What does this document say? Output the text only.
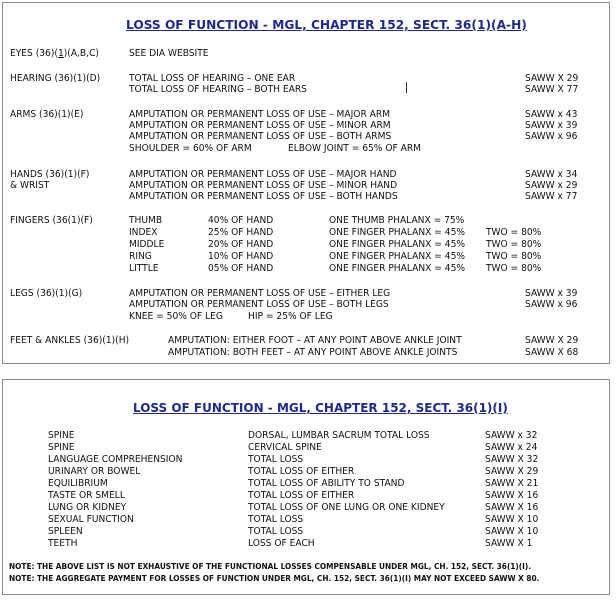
LOSS OF FUNCTION - MGL, CHAPTER 152, SECT. 36(1)(A-H)
EYES (36)(1)(A,B,C)	SEE DIA WEBSITE
HEARING (36)(1)(D)	TOTAL LOSS OF HEARING – ONE EAR	SAWW X 29
TOTAL LOSS OF HEARING – BOTH EARS	SAWW X 77
ARMS (36)(1)(E)	AMPUTATION OR PERMANENT LOSS OF USE – MAJOR ARM	SAWW x 43
AMPUTATION OR PERMANENT LOSS OF USE – MINOR ARM	SAWW x 39
AMPUTATION OR PERMANENT LOSS OF USE – BOTH ARMS	SAWW x 96
SHOULDER = 60% OF ARM	ELBOW JOINT = 65% OF ARM
HANDS (36)(1)(F)
& WRIST
AMPUTATION OR PERMANENT LOSS OF USE – MAJOR HAND	SAWW x 34
AMPUTATION OR PERMANENT LOSS OF USE – MINOR HAND	SAWW x 29
AMPUTATION OR PERMANENT LOSS OF USE – BOTH HANDS	SAWW x 77
FINGERS (36(1)(F)	THUMB	40% OF HAND	ONE THUMB PHALANX = 75%
INDEX	25% OF HAND	ONE FINGER PHALANX = 45% TWO = 80%
MIDDLE	20% OF HAND	ONE FINGER PHALANX = 45% TWO = 80%
RING	10% OF HAND	ONE FINGER PHALANX = 45% TWO = 80%
LITTLE	05% OF HAND	ONE FINGER PHALANX = 45% TWO = 80%
LEGS (36)(1)(G)	AMPUTATION OR PERMANENT LOSS OF USE – EITHER LEG	SAWW x 39
AMPUTATION OR PERMANENT LOSS OF USE – BOTH LEGS	SAWW x 96
KNEE = 50% OF LEG	HIP = 25% OF LEG
FEET & ANKLES (36)(1)(H)	AMPUTATION: EITHER FOOT – AT ANY POINT ABOVE ANKLE JOINT	SAWW X 29
AMPUTATION: BOTH FEET – AT ANY POINT ABOVE ANKLE JOINTS	SAWW X 68
LOSS OF FUNCTION - MGL, CHAPTER 152, SECT. 36(1)(I)
SPINE	DORSAL, LUMBAR SACRUM TOTAL LOSS	SAWW x 32
SPINE	CERVICAL SPINE	SAWW x 24
LANGUAGE COMPREHENSION	TOTAL LOSS	SAWW X 32
URINARY OR BOWEL	TOTAL LOSS OF EITHER	SAWW X 29
EQUILIBRIUM	TOTAL LOSS OF ABILITY TO STAND	SAWW X 21
TASTE OR SMELL	TOTAL LOSS OF EITHER	SAWW X 16
LUNG OR KIDNEY	TOTAL LOSS OF ONE LUNG OR ONE KIDNEY	SAWW X 16
SEXUAL FUNCTION	TOTAL LOSS	SAWW X 10
SPLEEN	TOTAL LOSS	SAWW X 10
TEETH	LOSS OF EACH	SAWW X 1
NOTE: THE ABOVE LIST IS NOT EXHAUSTIVE OF THE FUNCTIONAL LOSSES COMPENSABLE UNDER MGL, CH. 152, SECT. 36(1)(I).
NOTE: THE AGGREGATE PAYMENT FOR LOSSES OF FUNCTION UNDER MGL, CH. 152, SECT. 36(1)(I) MAY NOT EXCEED SAWW X 80.
